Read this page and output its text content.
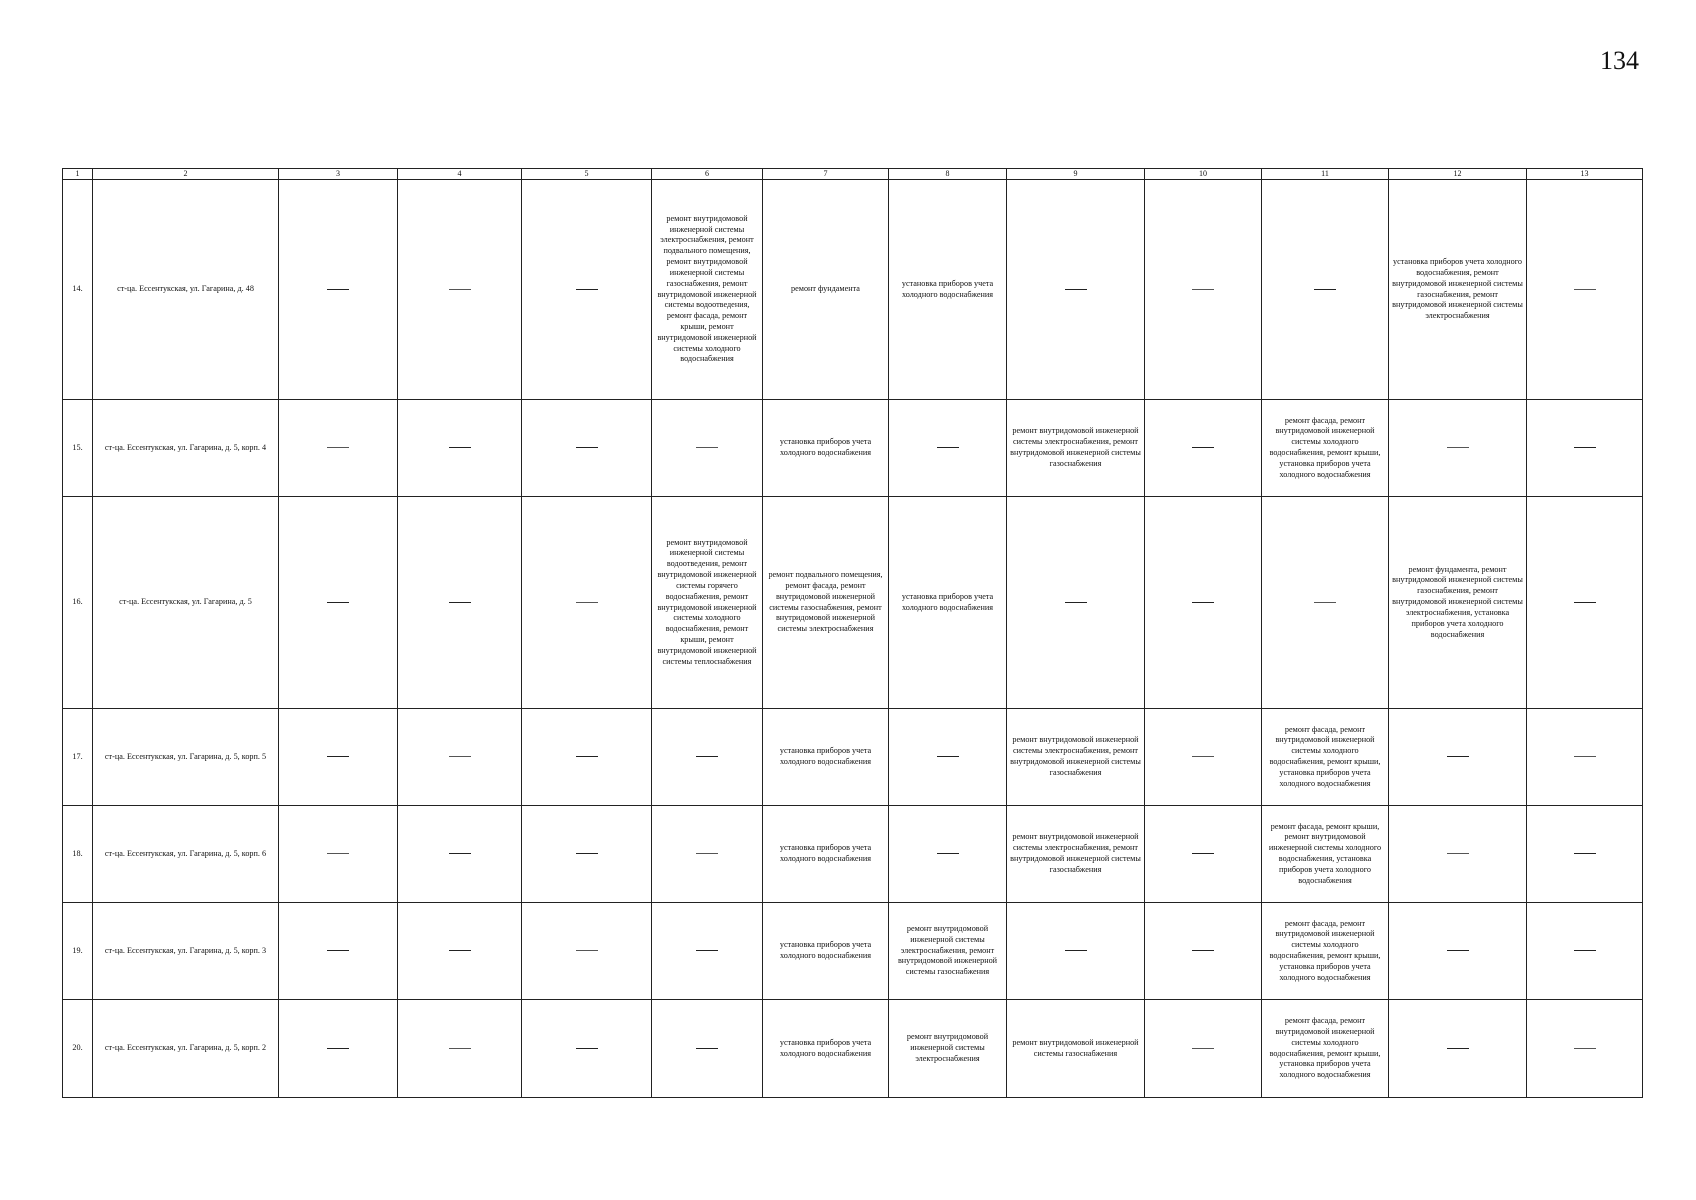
134
1	2	3	4	5	6	7	8	9	10	11	12	13
14.	ст-ца. Ессентукская, ул. Гагарина, д. 48				ремонт внутридомовой инженерной системы электроснабжения, ремонт подвального помещения, ремонт внутридомовой инженерной системы газоснабжения, ремонт внутридомовой инженерной системы водоотведения, ремонт фасада, ремонт крыши, ремонт внутридомовой инженерной системы холодного водоснабжения	ремонт фундамента	установка приборов учета холодного водоснабжения				установка приборов учета холодного водоснабжения, ремонт внутридомовой инженерной системы газоснабжения, ремонт внутридомовой инженерной системы электроснабжения	
15.	ст-ца. Ессентукская, ул. Гагарина, д. 5, корп. 4					установка приборов учета холодного водоснабжения		ремонт внутридомовой инженерной системы электроснабжения, ремонт внутридомовой инженерной системы газоснабжения		ремонт фасада, ремонт внутридомовой инженерной системы холодного водоснабжения, ремонт крыши, установка приборов учета холодного водоснабжения		
16.	ст-ца. Ессентукская, ул. Гагарина, д. 5				ремонт внутридомовой инженерной системы водоотведения, ремонт внутридомовой инженерной системы горячего водоснабжения, ремонт внутридомовой инженерной системы холодного водоснабжения, ремонт крыши, ремонт внутридомовой инженерной системы теплоснабжения	ремонт подвального помещения, ремонт фасада, ремонт внутридомовой инженерной системы газоснабжения, ремонт внутридомовой инженерной системы электроснабжения	установка приборов учета холодного водоснабжения				ремонт фундамента, ремонт внутридомовой инженерной системы газоснабжения, ремонт внутридомовой инженерной системы электроснабжения, установка приборов учета холодного водоснабжения	
17.	ст-ца. Ессентукская, ул. Гагарина, д. 5, корп. 5					установка приборов учета холодного водоснабжения		ремонт внутридомовой инженерной системы электроснабжения, ремонт внутридомовой инженерной системы газоснабжения		ремонт фасада, ремонт внутридомовой инженерной системы холодного водоснабжения, ремонт крыши, установка приборов учета холодного водоснабжения		
18.	ст-ца. Ессентукская, ул. Гагарина, д. 5, корп. 6					установка приборов учета холодного водоснабжения		ремонт внутридомовой инженерной системы электроснабжения, ремонт внутридомовой инженерной системы газоснабжения		ремонт фасада, ремонт крыши, ремонт внутридомовой инженерной системы холодного водоснабжения, установка приборов учета холодного водоснабжения		
19.	ст-ца. Ессентукская, ул. Гагарина, д. 5, корп. 3					установка приборов учета холодного водоснабжения	ремонт внутридомовой инженерной системы электроснабжения, ремонт внутридомовой инженерной системы газоснабжения			ремонт фасада, ремонт внутридомовой инженерной системы холодного водоснабжения, ремонт крыши, установка приборов учета холодного водоснабжения		
20.	ст-ца. Ессентукская, ул. Гагарина, д. 5, корп. 2					установка приборов учета холодного водоснабжения	ремонт внутридомовой инженерной системы электроснабжения	ремонт внутридомовой инженерной системы газоснабжения		ремонт фасада, ремонт внутридомовой инженерной системы холодного водоснабжения, ремонт крыши, установка приборов учета холодного водоснабжения		
